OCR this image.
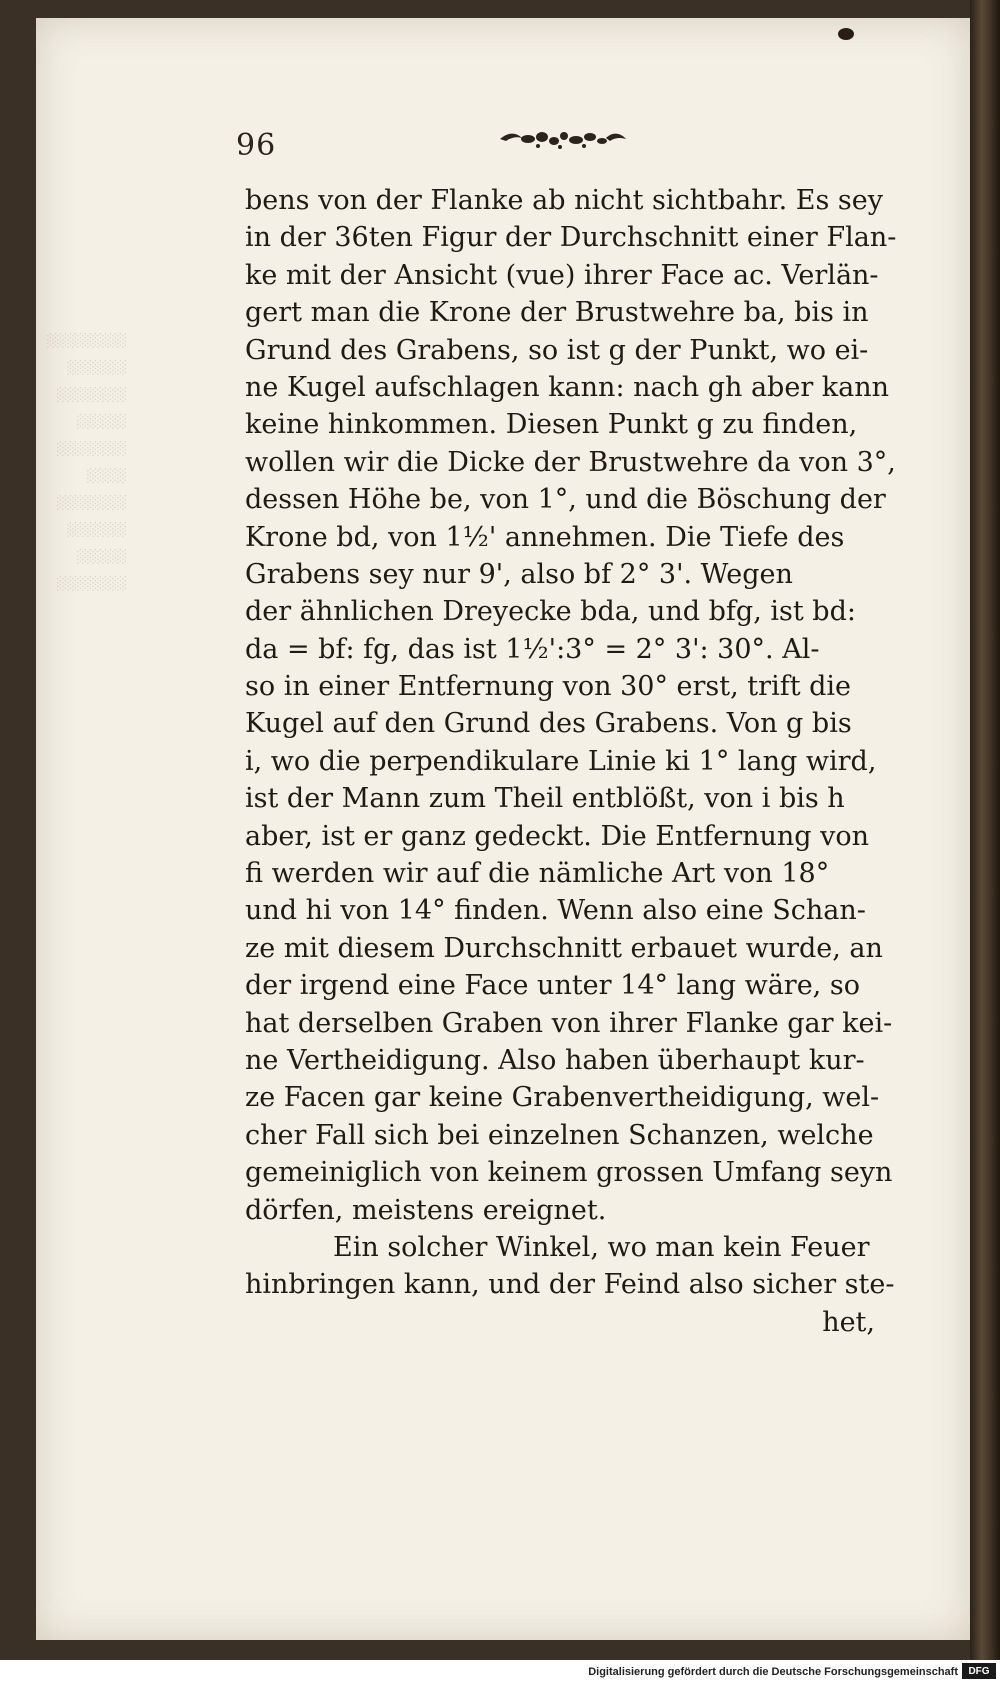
░░░░░░░░
░░░░░░
░░░░░░░
░░░░░
░░░░░░░
░░░░
░░░░░░░
░░░░░░
░░░░░
░░░░░░░
96
bens von der Flanke ab nicht sichtbahr. Es sey
in der 36ten Figur der Durchschnitt einer Flan-
ke mit der Ansicht (vue) ihrer Face ac. Verlän-
gert man die Krone der Brustwehre ba, bis in
Grund des Grabens, so ist g der Punkt, wo ei-
ne Kugel aufschlagen kann: nach gh aber kann
keine hinkommen. Diesen Punkt g zu finden,
wollen wir die Dicke der Brustwehre da von 3°,
dessen Höhe be, von 1°, und die Böschung der
Krone bd, von 1½' annehmen. Die Tiefe des
Grabens sey nur 9', also bf 2° 3'. Wegen
der ähnlichen Dreyecke bda, und bfg, ist bd:
da = bf: fg, das ist 1½':3° = 2° 3': 30°. Al-
so in einer Entfernung von 30° erst, trift die
Kugel auf den Grund des Grabens. Von g bis
i, wo die perpendikulare Linie ki 1° lang wird,
ist der Mann zum Theil entblößt, von i bis h
aber, ist er ganz gedeckt. Die Entfernung von
fi werden wir auf die nämliche Art von 18°
und hi von 14° finden. Wenn also eine Schan-
ze mit diesem Durchschnitt erbauet wurde, an
der irgend eine Face unter 14° lang wäre, so
hat derselben Graben von ihrer Flanke gar kei-
ne Vertheidigung. Also haben überhaupt kur-
ze Facen gar keine Grabenvertheidigung, wel-
cher Fall sich bei einzelnen Schanzen, welche
gemeiniglich von keinem grossen Umfang seyn
dörfen, meistens ereignet.
Ein solcher Winkel, wo man kein Feuer
hinbringen kann, und der Feind also sicher ste-
het,
Digitalisierung gefördert durch die Deutsche Forschungsgemeinschaft	DFG
